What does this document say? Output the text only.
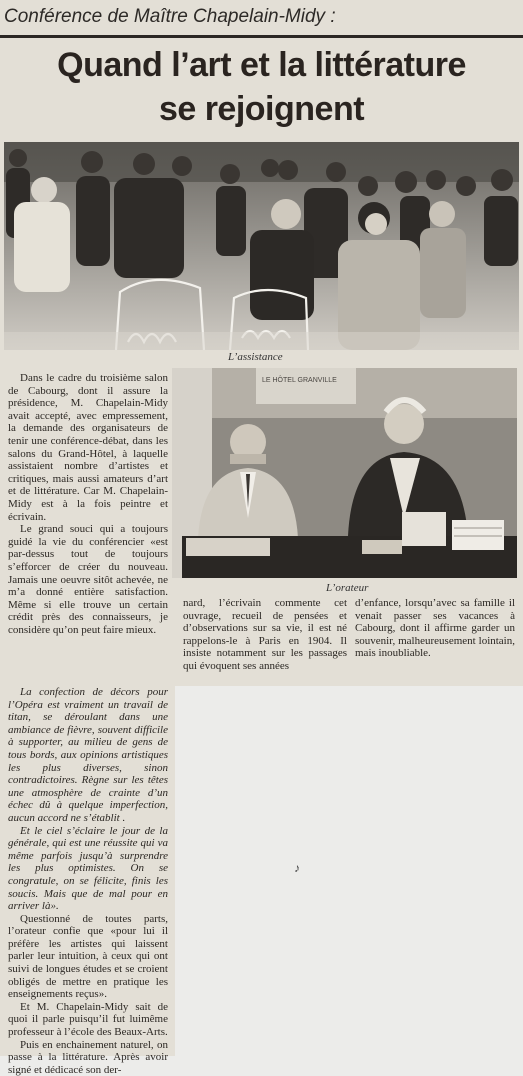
Conférence de Maître Chapelain-Midy :
Quand l’art et la littérature
se rejoignent
L’assistance
LE HÔTEL GRANVILLE
L’orateur

Dans le cadre du troisième salon de Cabourg, dont il assure la présidence, M. Chapelain-Midy avait accepté, avec empressement, la demande des organisateurs de tenir une conférence-débat, dans les salons du Grand-Hôtel, à laquelle assistaient nombre d’artistes et critiques, mais aussi amateurs d’art et de littérature. Car M. Chapelain-Midy est à la fois peintre et écrivain.

Le grand souci qui a toujours guidé la vie du conférencier «est par-dessus tout de toujours s’efforcer de créer du nouveau. Jamais une oeuvre sitôt achevée, ne m’a donné entière satisfaction. Même si elle trouve un certain crédit près des connaisseurs, je considère qu’on peut faire mieux.

La confection de décors pour l’Opéra est vraiment un travail de titan, se déroulant dans une ambiance de fièvre, souvent difficile à supporter, au milieu de gens de tous bords, aux opinions artistiques les plus diverses, sinon contradictoires. Règne sur les têtes une atmosphère de crainte d’un échec dû à quelque imperfection, aucun accord ne s’établit .

Et le ciel s’éclaire le jour de la générale, qui est une réussite qui va même parfois jusqu’à surprendre les plus optimistes. On se congratule, on se félicite, finis les soucis. Mais que de mal pour en arriver là».

Questionné de toutes parts, l’orateur confie que «pour lui il préfère les artistes qui laissent parler leur intuition, à ceux qui ont suivi de longues études et se croient obligés de mettre en pratique les enseignements reçus».

Et M. Chapelain-Midy sait de quoi il parle puisqu’il fut luimême professeur à l’école des Beaux-Arts.

Puis en enchainement naturel, on passe à la littérature. Après avoir signé et dédicacé son der-

nard, l’écrivain commente cet ouvrage, recueil de pensées et d’observations sur sa vie, il est né rappelons-le à Paris en 1904. Il insiste notamment sur les passages qui évoquent ses années

d’enfance, lorsqu’avec sa famille il venait passer ses vacances à Cabourg, dont il affirme garder un souvenir, malheureusement lointain, mais inoubliable.

♪
